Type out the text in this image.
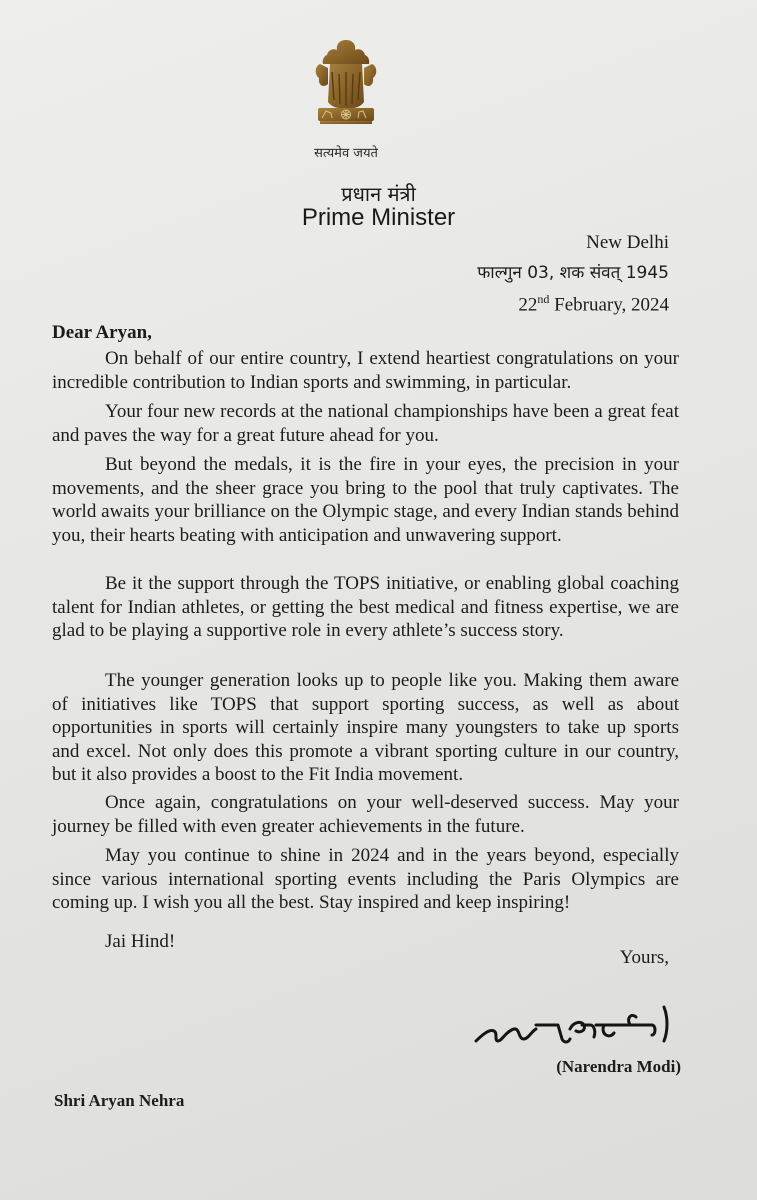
सत्यमेव जयते
प्रधान मंत्री
Prime Minister
New Delhi
फाल्गुन 03, शक संवत् 1945
22nd February, 2024
Dear Aryan,

On behalf of our entire country, I extend heartiest congratulations on your incredible contribution to Indian sports and swimming, in particular.

Your four new records at the national championships have been a great feat and paves the way for a great future ahead for you.

But beyond the medals, it is the fire in your eyes, the precision in your movements, and the sheer grace you bring to the pool that truly captivates. The world awaits your brilliance on the Olympic stage, and every Indian stands behind you, their hearts beating with anticipation and unwavering support.

Be it the support through the TOPS initiative, or enabling global coaching talent for Indian athletes, or getting the best medical and fitness expertise, we are glad to be playing a supportive role in every athlete’s success story.

The younger generation looks up to people like you. Making them aware of initiatives like TOPS that support sporting success, as well as about opportunities in sports will certainly inspire many youngsters to take up sports and excel. Not only does this promote a vibrant sporting culture in our country, but it also provides a boost to the Fit India movement.

Once again, congratulations on your well-deserved success. May your journey be filled with even greater achievements in the future.

May you continue to shine in 2024 and in the years beyond, especially since various international sporting events including the Paris Olympics are coming up. I wish you all the best. Stay inspired and keep inspiring!

Jai Hind!

Yours,
(Narendra Modi)
Shri Aryan Nehra
